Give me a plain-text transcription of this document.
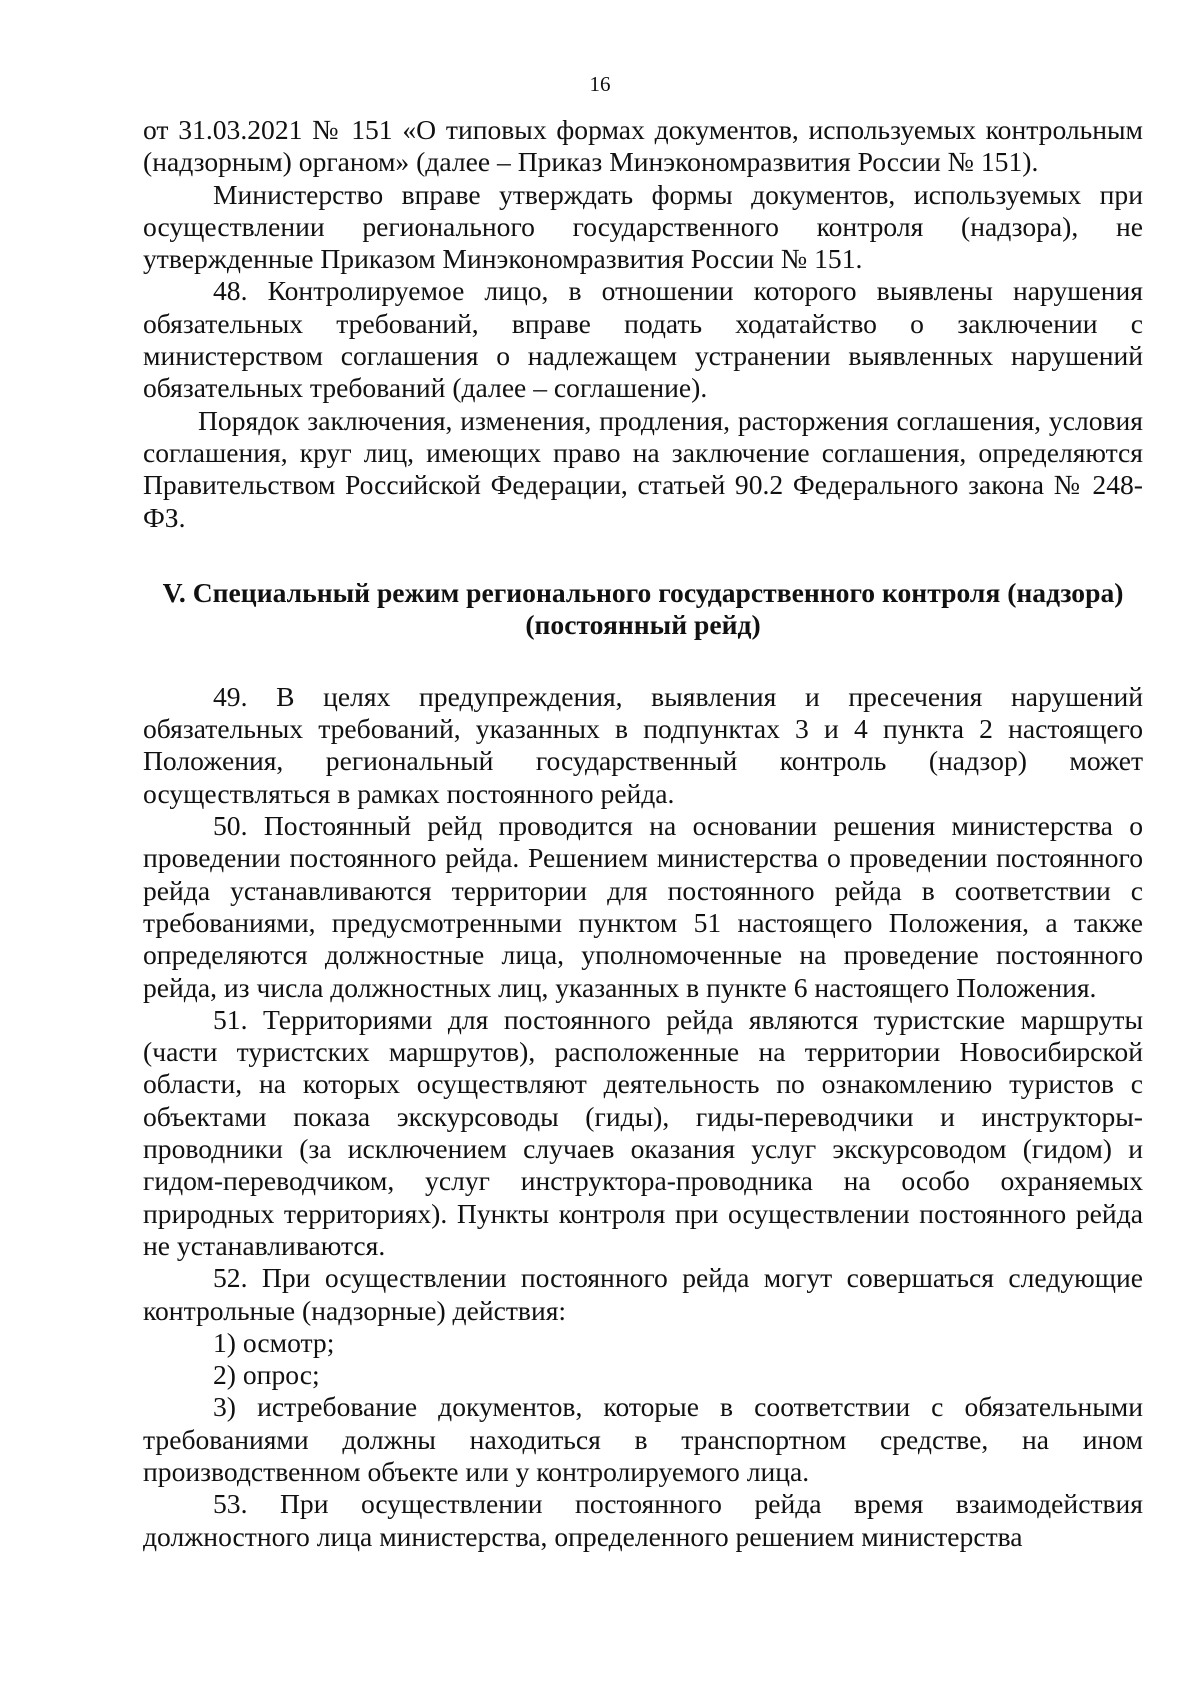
16

от 31.03.2021 № 151 «О типовых формах документов, используемых контрольным (надзорным) органом» (далее – Приказ Минэкономразвития России № 151).

Министерство вправе утверждать формы документов, используемых при осуществлении регионального государственного контроля (надзора), не утвержденные Приказом Минэкономразвития России № 151.

48. Контролируемое лицо, в отношении которого выявлены нарушения обязательных требований, вправе подать ходатайство о заключении с министерством соглашения о надлежащем устранении выявленных нарушений обязательных требований (далее – соглашение).

Порядок заключения, изменения, продления, расторжения соглашения, условия соглашения, круг лиц, имеющих право на заключение соглашения, определяются Правительством Российской Федерации, статьей 90.2 Федерального закона № 248-ФЗ.

V. Специальный режим регионального государственного контроля (надзора)
(постоянный рейд)

49. В целях предупреждения, выявления и пресечения нарушений обязательных требований, указанных в подпунктах 3 и 4 пункта 2 настоящего Положения, региональный государственный контроль (надзор) может осуществляться в рамках постоянного рейда.

50. Постоянный рейд проводится на основании решения министерства о проведении постоянного рейда. Решением министерства о проведении постоянного рейда устанавливаются территории для постоянного рейда в соответствии с требованиями, предусмотренными пунктом 51 настоящего Положения, а также определяются должностные лица, уполномоченные на проведение постоянного рейда, из числа должностных лиц, указанных в пункте 6 настоящего Положения.

51. Территориями для постоянного рейда являются туристские маршруты (части туристских маршрутов), расположенные на территории Новосибирской области, на которых осуществляют деятельность по ознакомлению туристов с объектами показа экскурсоводы (гиды), гиды-переводчики и инструкторы-проводники (за исключением случаев оказания услуг экскурсоводом (гидом) и гидом-переводчиком, услуг инструктора-проводника на особо охраняемых природных территориях). Пункты контроля при осуществлении постоянного рейда не устанавливаются.

52. При осуществлении постоянного рейда могут совершаться следующие контрольные (надзорные) действия:

1) осмотр;

2) опрос;

3) истребование документов, которые в соответствии с обязательными требованиями должны находиться в транспортном средстве, на ином производственном объекте или у контролируемого лица.

53. При осуществлении постоянного рейда время взаимодействия должностного лица министерства, определенного решением министерства
